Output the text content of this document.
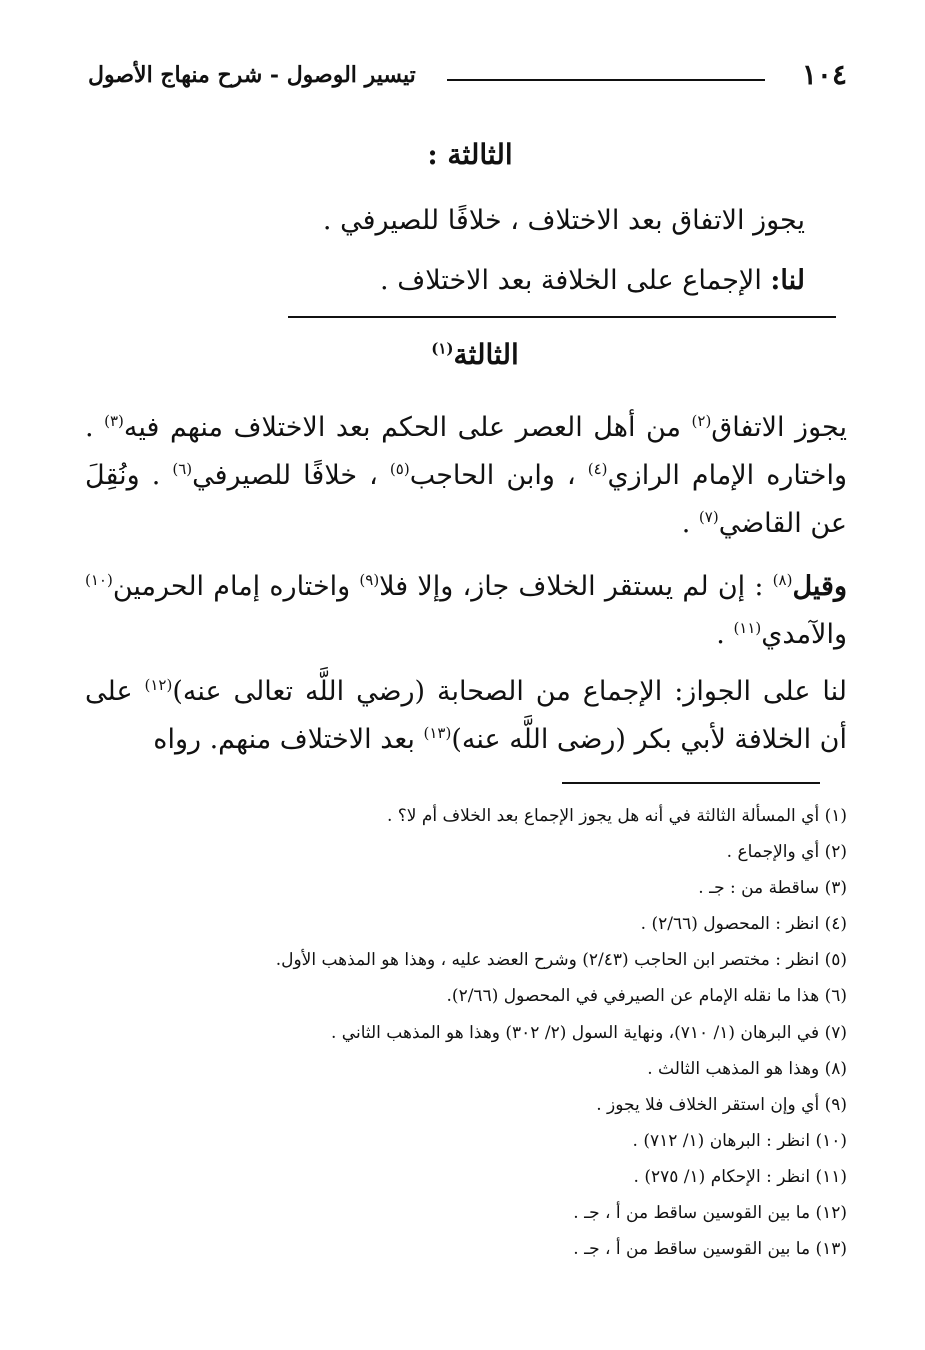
١٠٤
تيسير الوصول - شرح منهاج الأصول
الثالثة :
يجوز الاتفاق بعد الاختلاف ، خلافًا للصيرفي .
لنا: الإجماع على الخلافة بعد الاختلاف .
الثالثة$^{(١)}$
يجوز الاتفاق$^{(٢)}$ من أهل العصر على الحكم بعد الاختلاف منهم فيه$^{(٣)}$ . واختاره الإمام الرازي$^{(٤)}$ ، وابن الحاجب$^{(٥)}$ ، خلافًا للصيرفي$^{(٦)}$ . ونُقِلَ عن القاضي$^{(٧)}$ .
وقيل$^{(٨)}$ : إن لم يستقر الخلاف جاز، وإلا فلا$^{(٩)}$ واختاره إمام الحرمين$^{(١٠)}$ والآمدي$^{(١١)}$ .
لنا على الجواز: الإجماع من الصحابة (رضي اللَّه تعالى عنه)$^{(١٢)}$ على أن الخلافة لأبي بكر (رضى اللَّه عنه)$^{(١٣)}$ بعد الاختلاف منهم. رواه
(١) أي المسألة الثالثة في أنه هل يجوز الإجماع بعد الخلاف أم لا؟ .
(٢) أي والإجماع .
(٣) ساقطة من : جـ .
(٤) انظر : المحصول (٢/٦٦) .
(٥) انظر : مختصر ابن الحاجب (٢/٤٣) وشرح العضد عليه ، وهذا هو المذهب الأول.
(٦) هذا ما نقله الإمام عن الصيرفي في المحصول (٢/٦٦).
(٧) في البرهان (١/ ٧١٠)، ونهاية السول (٢/ ٣٠٢) وهذا هو المذهب الثاني .
(٨) وهذا هو المذهب الثالث .
(٩) أي وإن استقر الخلاف فلا يجوز .
(١٠) انظر : البرهان (١/ ٧١٢) .
(١١) انظر : الإحكام (١/ ٢٧٥) .
(١٢) ما بين القوسين ساقط من أ ، جـ .
(١٣) ما بين القوسين ساقط من أ ، جـ .
